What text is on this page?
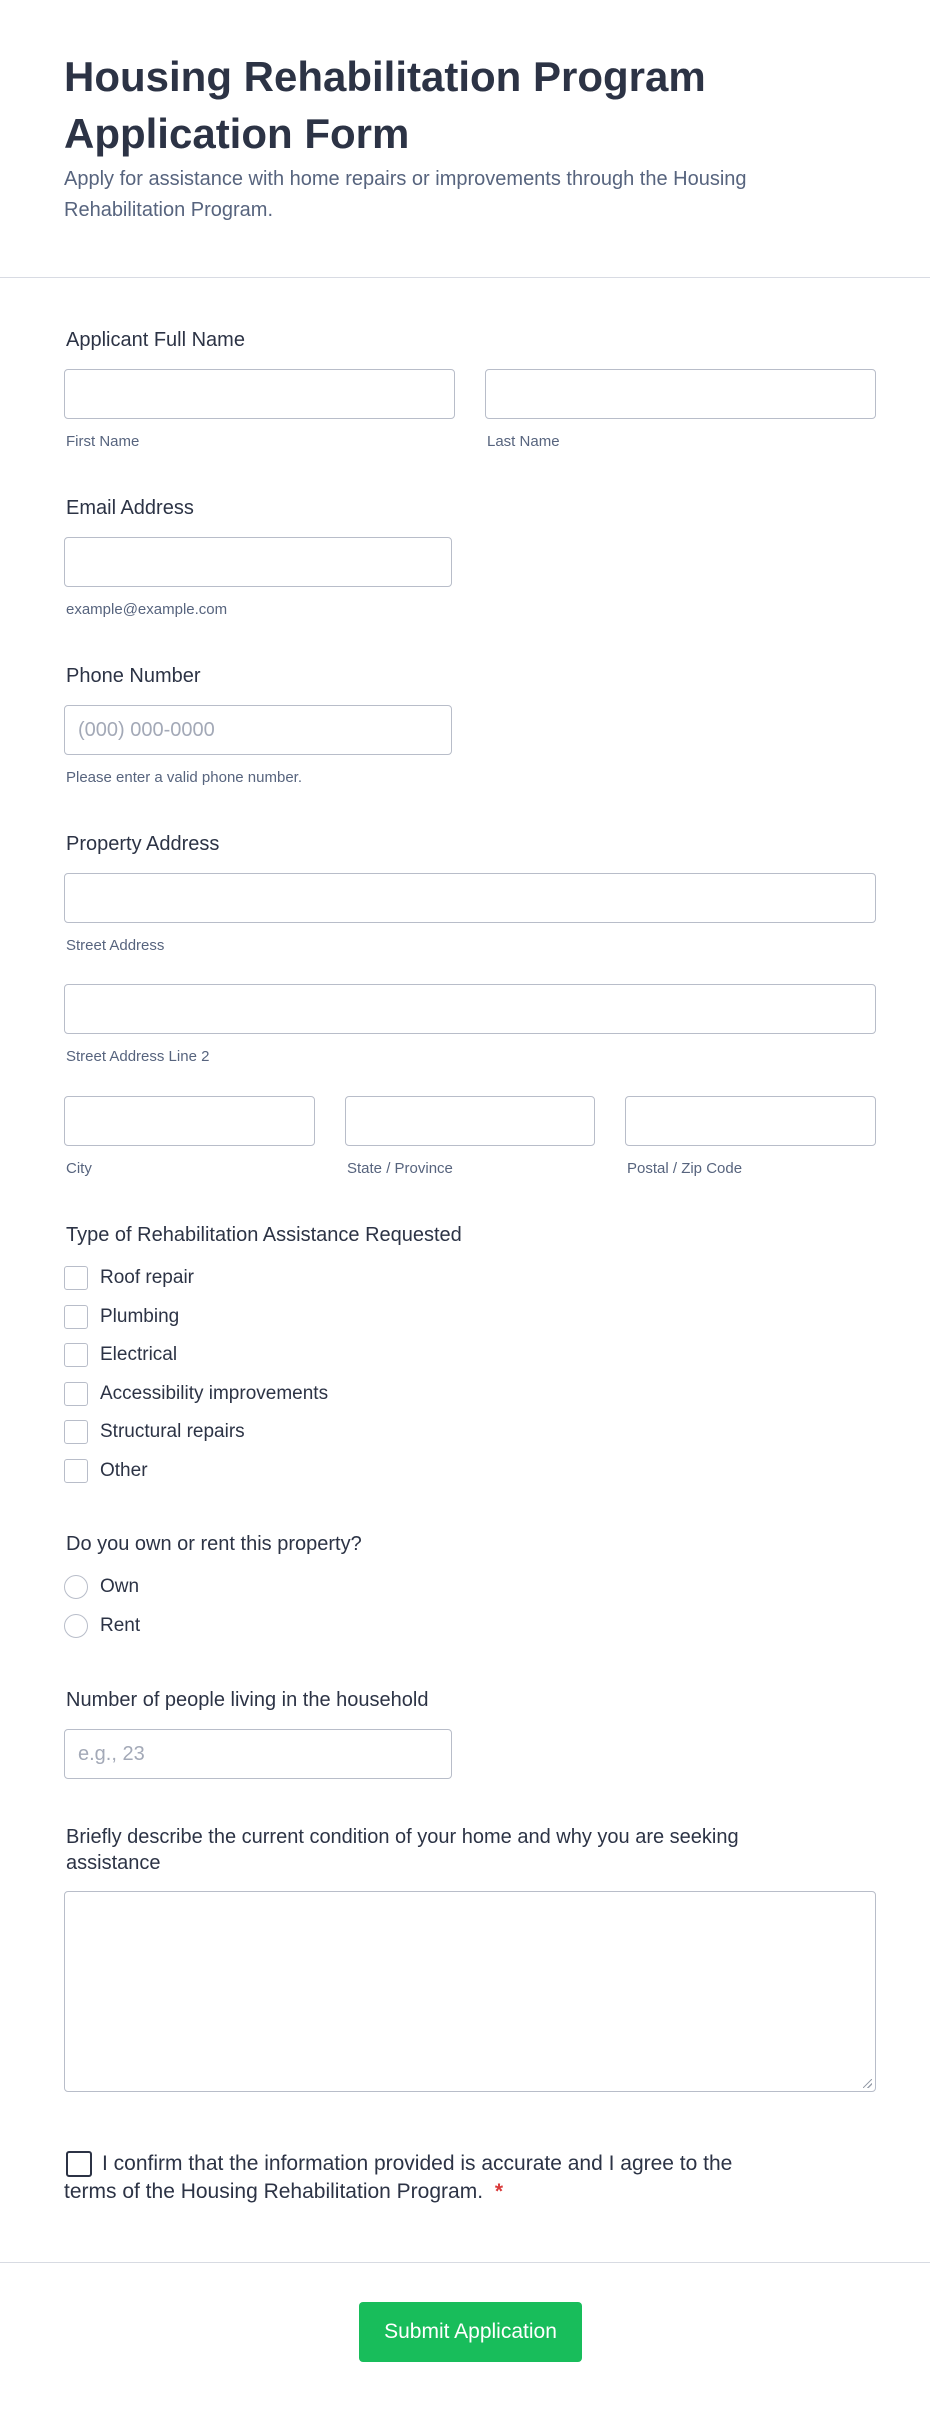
Housing Rehabilitation Program Application Form

Apply for assistance with home repairs or improvements through the Housing Rehabilitation Program.

Applicant Full Name
First Name	Last Name
Email Address
example@example.com
Phone Number
(000) 000-0000
Please enter a valid phone number.
Property Address
Street Address
Street Address Line 2
City	State / Province	Postal / Zip Code
Type of Rehabilitation Assistance Requested
Roof repair
Plumbing
Electrical
Accessibility improvements
Structural repairs
Other
Do you own or rent this property?
Own
Rent
Number of people living in the household
e.g., 23
Briefly describe the current condition of your home and why you are seeking assistance
I confirm that the information provided is accurate and I agree to the terms of the Housing Rehabilitation Program. *
Submit Application
